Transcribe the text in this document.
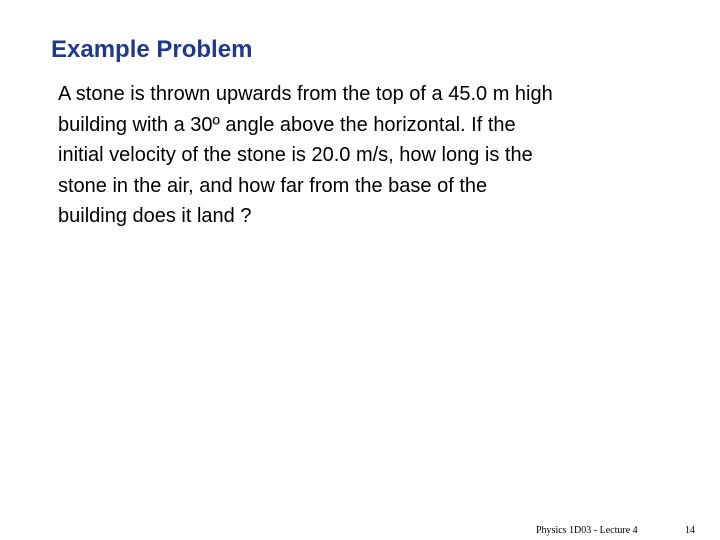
Example Problem
A stone is thrown upwards from the top of a 45.0 m high
building with a 30º angle above the horizontal. If the
initial velocity of the stone is 20.0 m/s, how long is the
stone in the air, and how far from the base of the
building does it land ?
Physics 1D03 - Lecture 4	14
